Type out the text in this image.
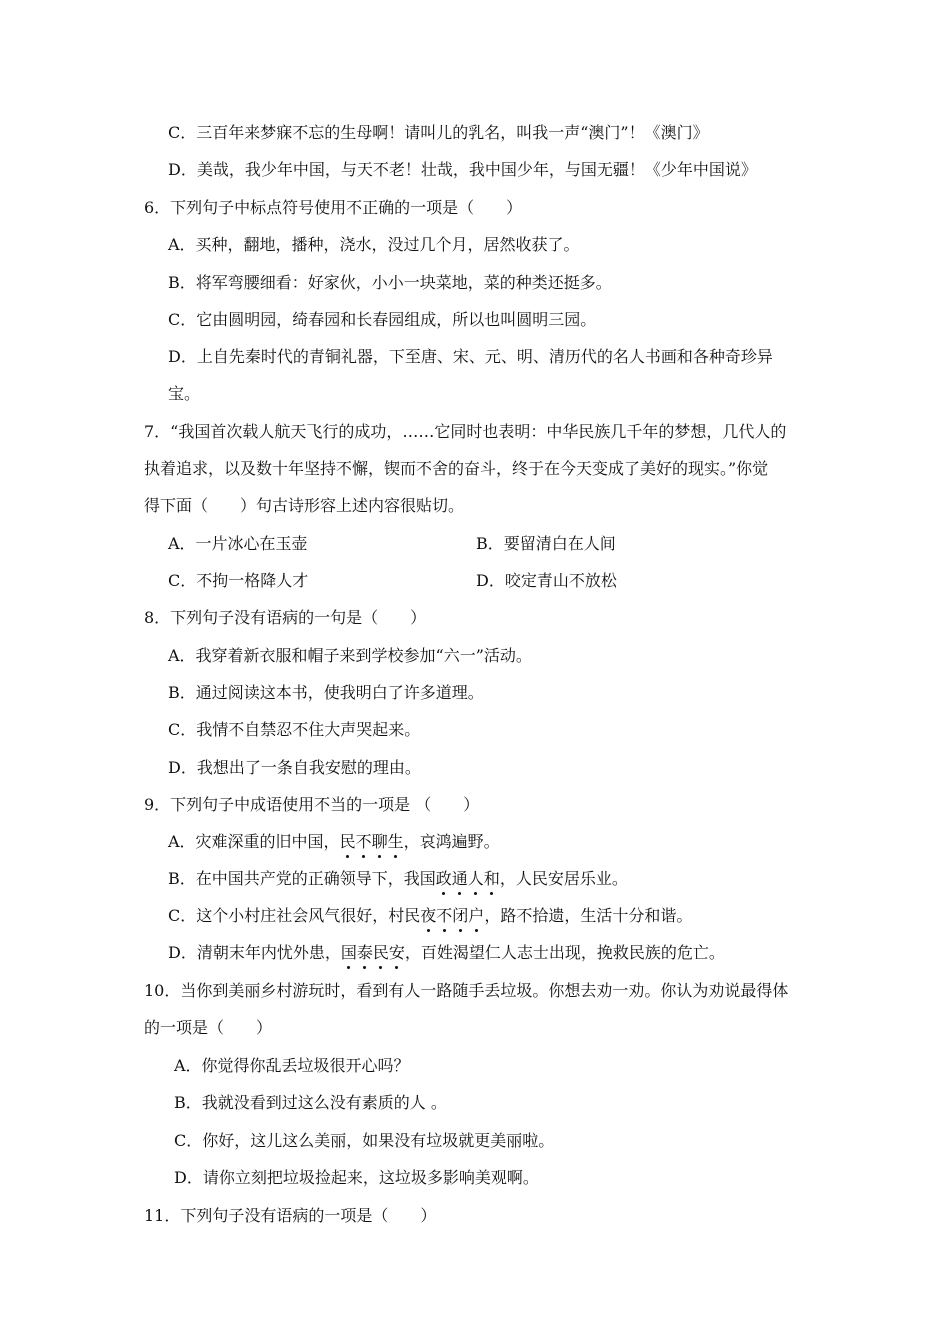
C．三百年来梦寐不忘的生母啊！请叫儿的乳名，叫我一声“澳门”！《澳门》
D．美哉，我少年中国，与天不老！壮哉，我中国少年，与国无疆！《少年中国说》
6．下列句子中标点符号使用不正确的一项是（　　）
A．买种，翻地，播种，浇水，没过几个月，居然收获了。
B．将军弯腰细看：好家伙，小小一块菜地，菜的种类还挺多。
C．它由圆明园，绮春园和长春园组成，所以也叫圆明三园。
D．上自先秦时代的青铜礼器，下至唐、宋、元、明、清历代的名人书画和各种奇珍异
宝。
7．“我国首次载人航天飞行的成功，……它同时也表明：中华民族几千年的梦想，几代人的
执着追求，以及数十年坚持不懈，锲而不舍的奋斗，终于在今天变成了美好的现实。”你觉
得下面（　　）句古诗形容上述内容很贴切。
A．一片冰心在玉壶	B．要留清白在人间
C．不拘一格降人才	D．咬定青山不放松
8．下列句子没有语病的一句是（　　）
A．我穿着新衣服和帽子来到学校参加“六一”活动。
B．通过阅读这本书，使我明白了许多道理。
C．我情不自禁忍不住大声哭起来。
D．我想出了一条自我安慰的理由。
9．下列句子中成语使用不当的一项是 （　　）
A．灾难深重的旧中国，民不聊生，哀鸿遍野。
B．在中国共产党的正确领导下，我国政通人和，人民安居乐业。
C．这个小村庄社会风气很好，村民夜不闭户，路不拾遗，生活十分和谐。
D．清朝末年内忧外患，国泰民安，百姓渴望仁人志士出现，挽救民族的危亡。
10．当你到美丽乡村游玩时，看到有人一路随手丢垃圾。你想去劝一劝。你认为劝说最得体
的一项是（　　）
A．你觉得你乱丢垃圾很开心吗？
B．我就没看到过这么没有素质的人 。
C．你好，这儿这么美丽，如果没有垃圾就更美丽啦。
D．请你立刻把垃圾捡起来，这垃圾多影响美观啊。
11．下列句子没有语病的一项是（　　）
